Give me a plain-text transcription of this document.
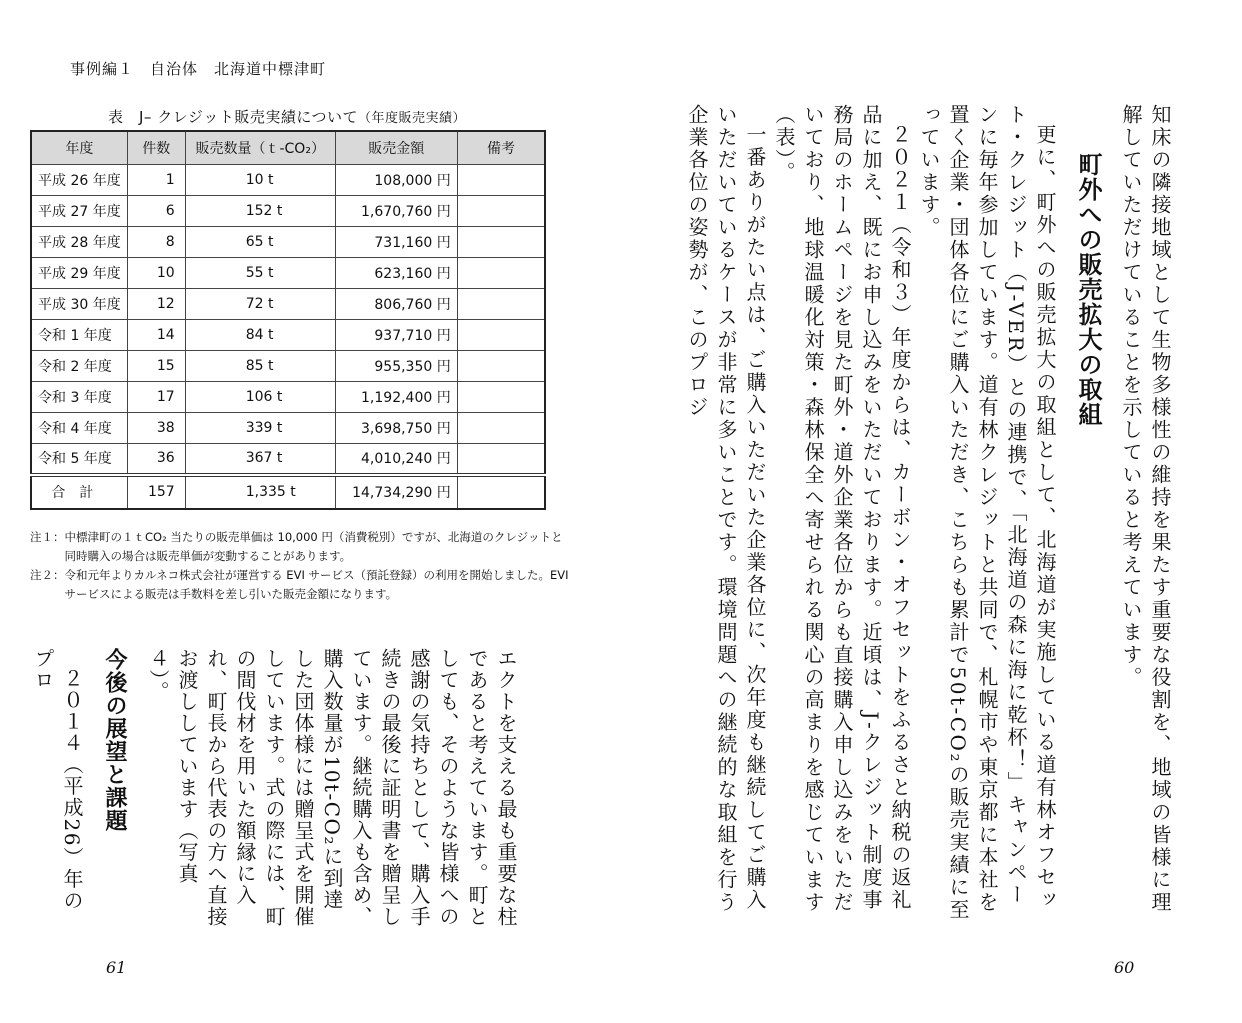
事例編１　自治体　北海道中標津町
表　J– クレジット販売実績について（年度販売実績）
年度	件数	販売数量（ｔ-CO₂）	販売金額	備考
平成 26 年度	1	10 t	108,000 円	
平成 27 年度	6	152 t	1,670,760 円	
平成 28 年度	8	65 t	731,160 円	
平成 29 年度	10	55 t	623,160 円	
平成 30 年度	12	72 t	806,760 円	
令和 1 年度	14	84 t	937,710 円	
令和 2 年度	15	85 t	955,350 円	
令和 3 年度	17	106 t	1,192,400 円	
令和 4 年度	38	339 t	3,698,750 円	
令和 5 年度	36	367 t	4,010,240 円	
合計	157	1,335 t	14,734,290 円	
注１： 中標津町の１ｔCO₂ 当たりの販売単価は 10,000 円（消費税別）ですが、北海道のクレジットと同時購入の場合は販売単価が変動することがあります。
注２： 令和元年よりカルネコ株式会社が運営する EVI サービス（預託登録）の利用を開始しました。EVI サービスによる販売は手数料を差し引いた販売金額になります。

エクトを支える最も重要な柱であると考えています。町としても、そのような皆様への感謝の気持ちとして、購入手続きの最後に証明書を贈呈しています。継続購入も含め、購入数量が10t-CO₂に到達した団体様には贈呈式を開催しています。式の際には、町の間伐材を用いた額縁に入れ、町長から代表の方へ直接お渡ししています（写真４）。

今後の展望と課題

２０１４（平成26）年のプロ

61

知床の隣接地域として生物多様性の維持を果たす重要な役割を、地域の皆様に理解していただけていることを示していると考えています。

町外への販売拡大の取組

更に、町外への販売拡大の取組として、北海道が実施している道有林オフセット・クレジット（J-VER）との連携で、「北海道の森に海に乾杯！」キャンペーンに毎年参加しています。道有林クレジットと共同で、札幌市や東京都に本社を置く企業・団体各位にご購入いただき、こちらも累計で50t-CO₂の販売実績に至っています。

２０２１（令和３）年度からは、カーボン・オフセットをふるさと納税の返礼品に加え、既にお申し込みをいただいております。近頃は、J-クレジット制度事務局のホームページを見た町外・道外企業各位からも直接購入申し込みをいただいており、地球温暖化対策・森林保全へ寄せられる関心の高まりを感じています（表）。

一番ありがたい点は、ご購入いただいた企業各位に、次年度も継続してご購入いただいているケースが非常に多いことです。環境問題への継続的な取組を行う企業各位の姿勢が、このプロジ

60
